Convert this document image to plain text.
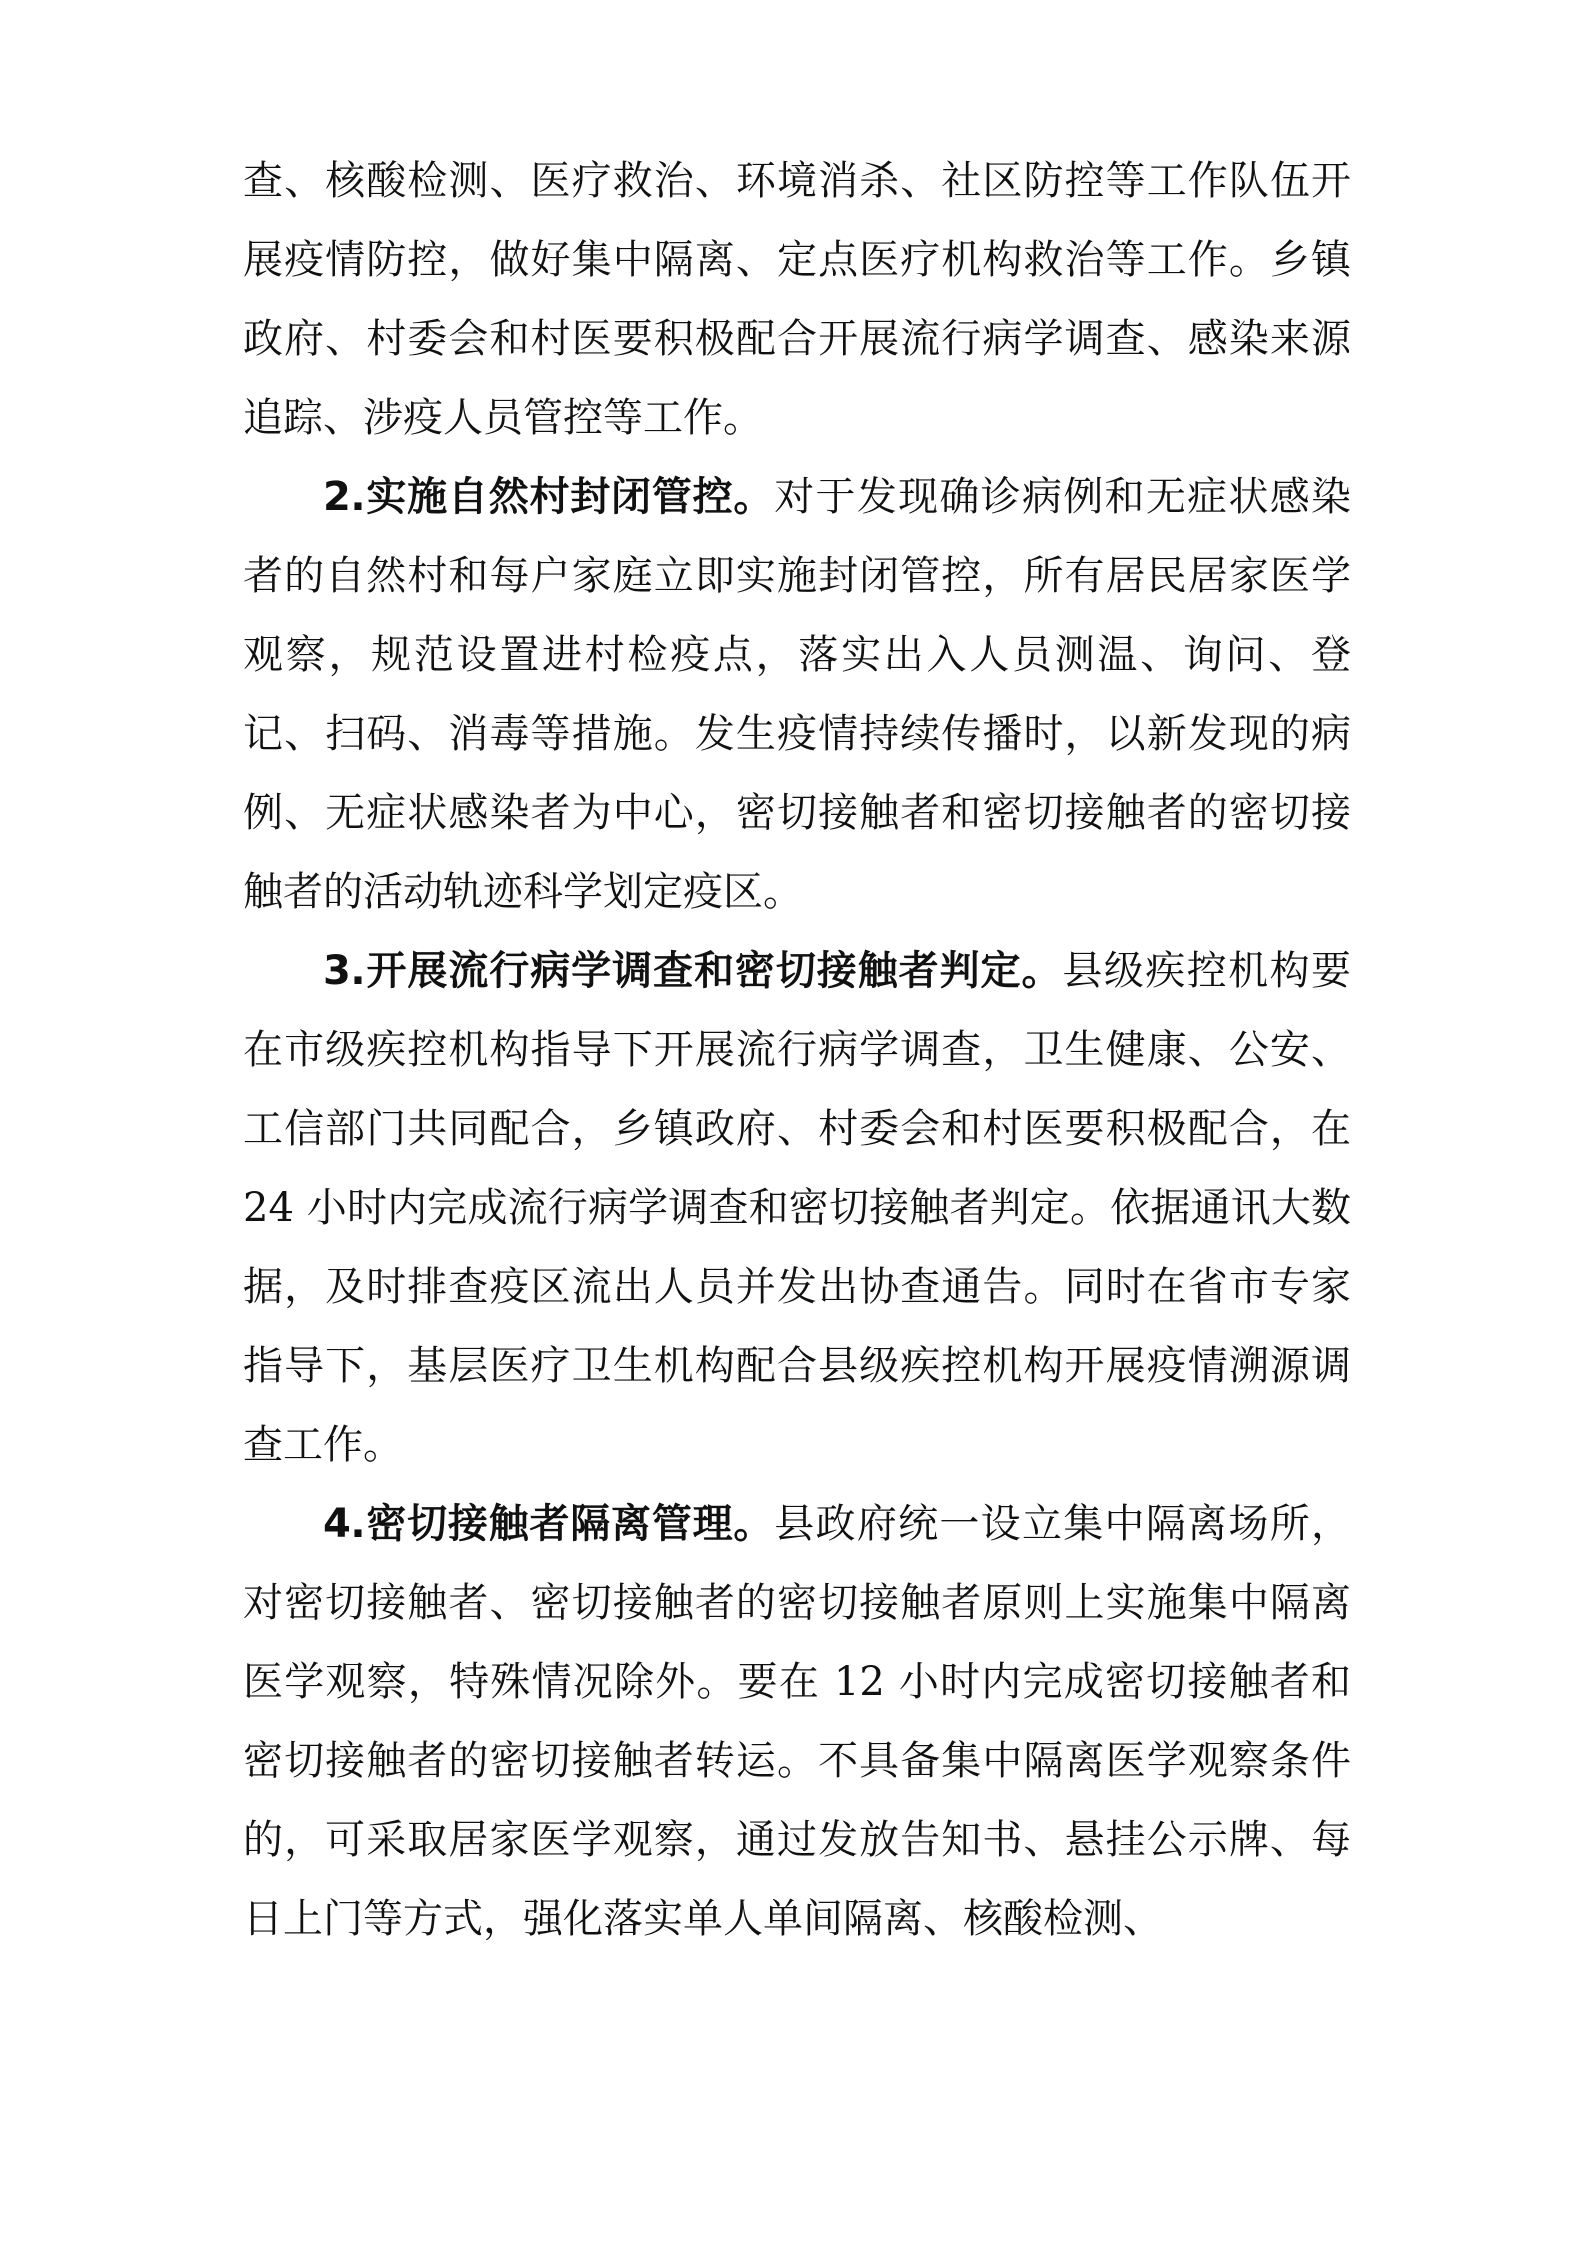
查、核酸检测、医疗救治、环境消杀、社区防控等工作队伍开展疫情防控，做好集中隔离、定点医疗机构救治等工作。乡镇政府、村委会和村医要积极配合开展流行病学调查、感染来源追踪、涉疫人员管控等工作。

2.实施自然村封闭管控。对于发现确诊病例和无症状感染者的自然村和每户家庭立即实施封闭管控，所有居民居家医学观察，规范设置进村检疫点，落实出入人员测温、询问、登记、扫码、消毒等措施。发生疫情持续传播时，以新发现的病例、无症状感染者为中心，密切接触者和密切接触者的密切接触者的活动轨迹科学划定疫区。

3.开展流行病学调查和密切接触者判定。县级疾控机构要在市级疾控机构指导下开展流行病学调查，卫生健康、公安、工信部门共同配合，乡镇政府、村委会和村医要积极配合，在 24 小时内完成流行病学调查和密切接触者判定。依据通讯大数据，及时排查疫区流出人员并发出协查通告。同时在省市专家指导下，基层医疗卫生机构配合县级疾控机构开展疫情溯源调查工作。

4.密切接触者隔离管理。县政府统一设立集中隔离场所，对密切接触者、密切接触者的密切接触者原则上实施集中隔离医学观察，特殊情况除外。要在 12 小时内完成密切接触者和密切接触者的密切接触者转运。不具备集中隔离医学观察条件的，可采取居家医学观察，通过发放告知书、悬挂公示牌、每日上门等方式，强化落实单人单间隔离、核酸检测、
